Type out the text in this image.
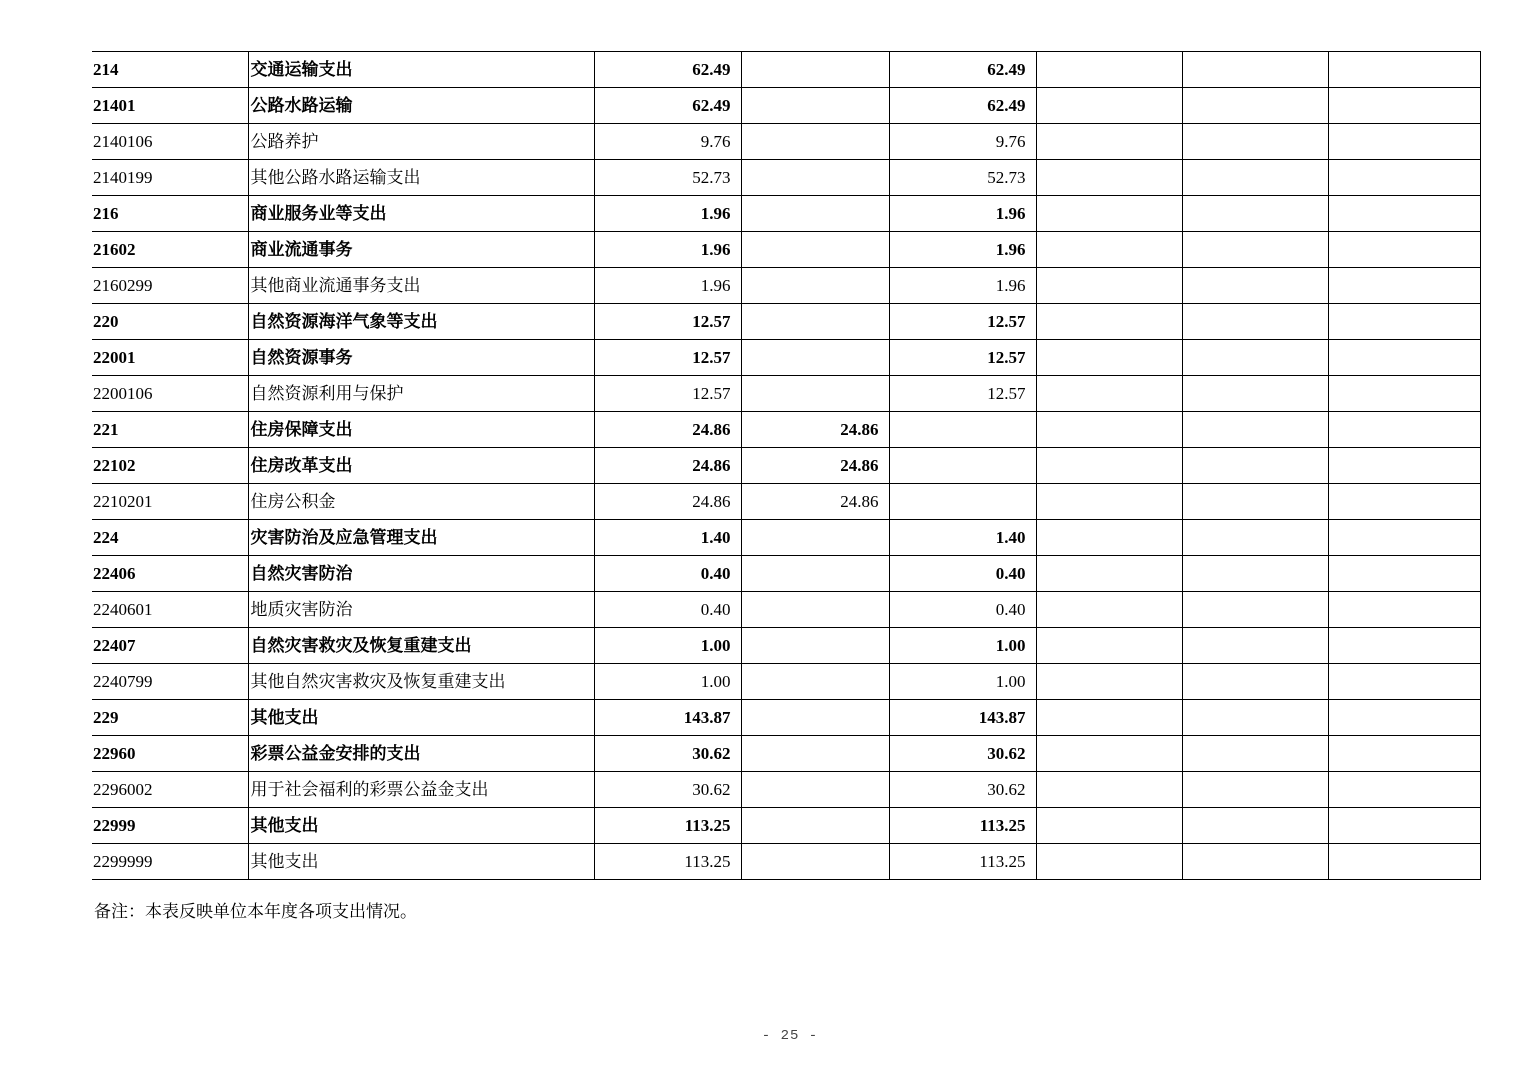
214	交通运输支出	62.49		62.49			
21401	公路水路运输	62.49		62.49			
2140106	公路养护	9.76		9.76			
2140199	其他公路水路运输支出	52.73		52.73			
216	商业服务业等支出	1.96		1.96			
21602	商业流通事务	1.96		1.96			
2160299	其他商业流通事务支出	1.96		1.96			
220	自然资源海洋气象等支出	12.57		12.57			
22001	自然资源事务	12.57		12.57			
2200106	自然资源利用与保护	12.57		12.57			
221	住房保障支出	24.86	24.86				
22102	住房改革支出	24.86	24.86				
2210201	住房公积金	24.86	24.86				
224	灾害防治及应急管理支出	1.40		1.40			
22406	自然灾害防治	0.40		0.40			
2240601	地质灾害防治	0.40		0.40			
22407	自然灾害救灾及恢复重建支出	1.00		1.00			
2240799	其他自然灾害救灾及恢复重建支出	1.00		1.00			
229	其他支出	143.87		143.87			
22960	彩票公益金安排的支出	30.62		30.62			
2296002	用于社会福利的彩票公益金支出	30.62		30.62			
22999	其他支出	113.25		113.25			
2299999	其他支出	113.25		113.25			
备注：本表反映单位本年度各项支出情况。
- 25 -
